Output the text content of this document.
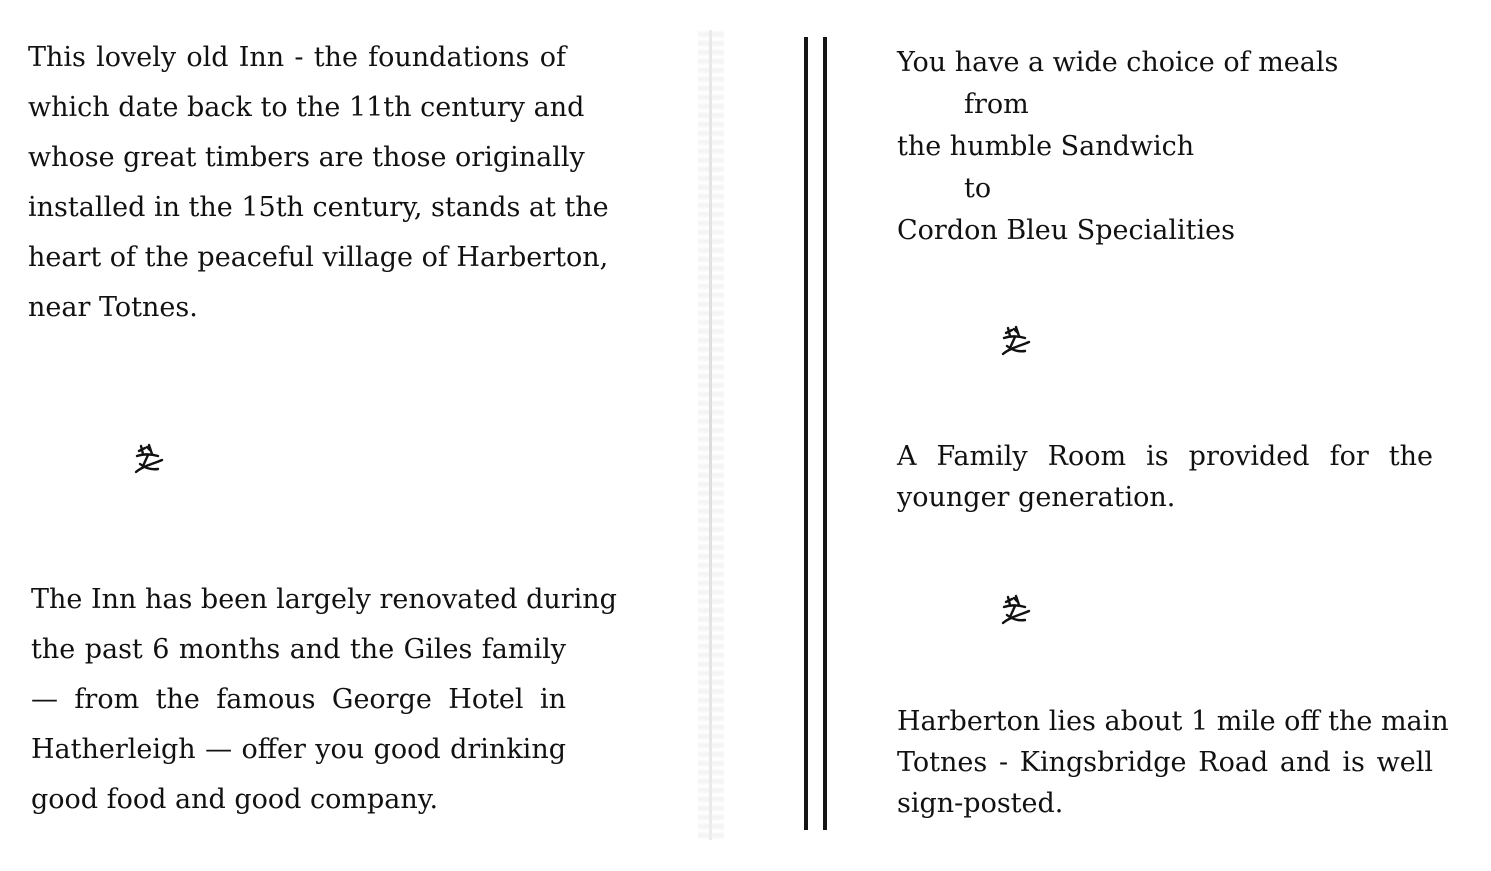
This lovely old Inn - the foundations of
which date back to the 11th century and
whose great timbers are those originally
installed in the 15th century, stands at the
heart of the peaceful village of Harberton,
near Totnes.

The Inn has been largely renovated during
the past 6 months and the Giles family
— from the famous George Hotel in
Hatherleigh — offer you good drinking
good food and good company.

You have a wide choice of meals
from
the humble Sandwich
to
Cordon Bleu Specialities

A Family Room is provided for the
younger generation.

Harberton lies about 1 mile off the main
Totnes - Kingsbridge Road and is well
sign-posted.
